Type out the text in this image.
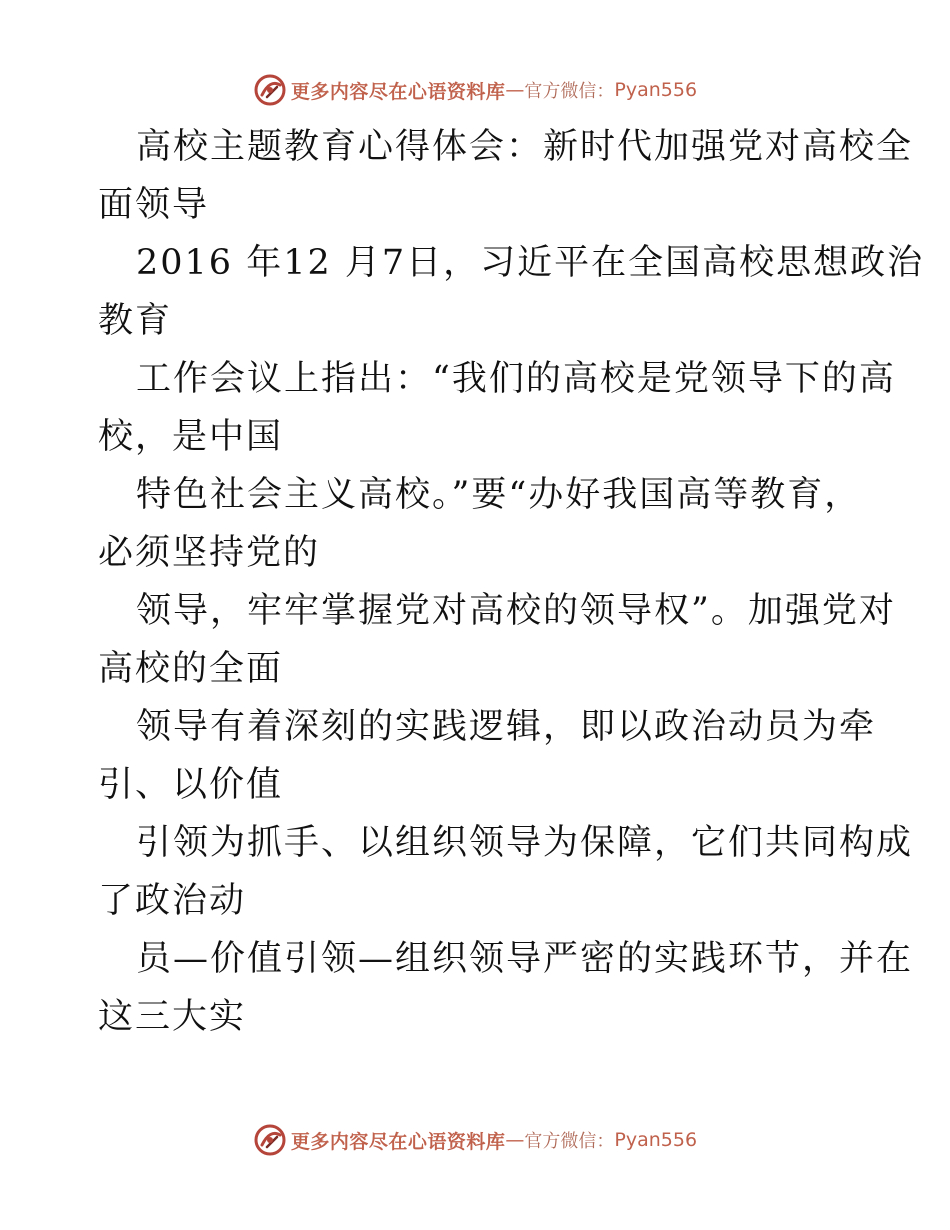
更多内容尽在心语资料库 — 官方微信： Pyan556
高校主题教育心得体会：新时代加强党对高校全
面领导
2016 年12 月7日，习近平在全国高校思想政治
教育
工作会议上指出：“我们的高校是党领导下的高
校，是中国
特色社会主义高校。”要“办好我国高等教育，
必须坚持党的
领导，牢牢掌握党对高校的领导权”。加强党对
高校的全面
领导有着深刻的实践逻辑，即以政治动员为牵
引、以价值
引领为抓手、以组织领导为保障，它们共同构成
了政治动
员—价值引领—组织领导严密的实践环节，并在
这三大实
更多内容尽在心语资料库 — 官方微信： Pyan556
